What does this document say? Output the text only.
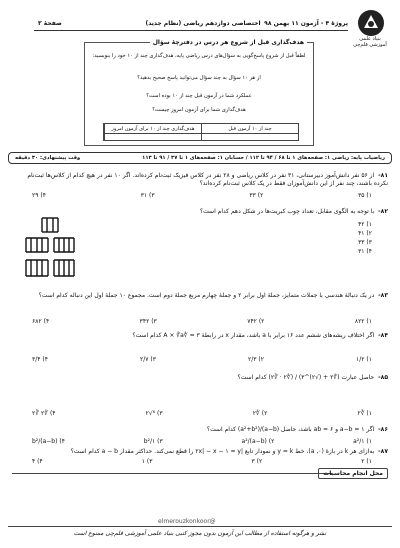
بنیاد علمی آموزشی قلم‌چی
پروژهٔ ۴ - آزمون ۱۱ بهمن ۹۸
اختصاصی دوازدهم ریاضی (نظام جدید)
صفحهٔ ۳
هدف‌گذاری قبل از شروع هر درس در دفترچهٔ سؤال
لطفاً قبل از شروع پاسخ‌گویی به سؤال‌های درس ریاضی پایه، هدف‌گذاری چند از ۱۰ خود را بنویسید:
از هر ۱۰ سؤال به چند سؤال می‌توانید پاسخ صحیح بدهید؟
عملکرد شما در آزمون قبل چند از ۱۰ بوده است؟
هدف‌گذاری شما برای آزمون امروز چیست؟
چند از ۱۰ آزمون قبل
هدف‌گذاری چند از ۱۰ برای آزمون امروز
ریاضیات پایه: ریاضی ۱: صفحه‌های ۱ تا ۶۸ / ۹۴ تا ۱۱۲ / حسابان ۱: صفحه‌های ۱ تا ۳۷ / ۹۱ تا ۱۱۳
وقت پیشنهادی: ۳۰ دقیقه
۸۱- از ۵۶ نفر دانش‌آموز دبیرستانی، ۳۱ نفر در کلاس ریاضی و ۲۸ نفر در کلاس فیزیک ثبت‌نام کرده‌اند. اگر ۱۰ نفر در هیچ کدام از کلاس‌ها ثبت‌نام نکرده باشند، چند نفر از این دانش‌آموزان فقط در یک کلاس ثبت‌نام کرده‌اند؟
۱) ۳۵
۲) ۳۳
۳) ۳۱
۴) ۲۹
۸۲- با توجه به الگوی مقابل، تعداد چوب کبریت‌ها در شکل دهم کدام است؟
۱) ۴۲
۲) ۴۱
۳) ۳۳
۴) ۳۱
۸۳- در یک دنبالهٔ هندسی با جملات متمایز، جملهٔ اول برابر ۲ و جملهٔ چهارم مربع جملهٔ دوم است. مجموع ۱۰ جملهٔ اول این دنباله کدام است؟
۱) ۸۲۲
۲) ۷۴۲
۳) ۳۴۲
۴) ۶۸۲
۸۴- اگر اختلاف ریشه‌های ششم عدد ۱۶ برابر با a باشد، مقدار x در رابطهٔ ۳ = ∜A × ∜a کدام است؟
۱) ۱/۲
۲) ۲/۳
۳) ۲/۷
۴) ۳/۴
۸۵- حاصل عبارت (∜۲ + (√۲)^۳) / (∜۲ · ∛۲) کدام است؟
۱) ∛۲
۲) ∜۲
۳) ⁶√۲
۴) ∜۲ ∛۲
۸۶- اگر a−b = ۱ و ab = ۶ باشد، حاصل (a−b)/(a²+b²) کدام است؟
۱) ۱/a²
۲) (a−b)/a²
۳) ۱/b²
۴) (a−b)/b²
۸۷- به‌ازای هر k در بازهٔ (۰, a)، خط y = k و نمودار تابع |۲x| − x − ۱ = y را قطع نمی‌کند. حداکثر مقدار a − b کدام است؟
۱) ۲
۲) ۳
۳) ۱
۴) ۴
محل انجام محاسبات
@elmerouzkonkoor
نشر و هرگونه استفاده از مطالب این آزمون بدون مجوز کتبی بنیاد علمی آموزشی قلم‌چی ممنوع است
